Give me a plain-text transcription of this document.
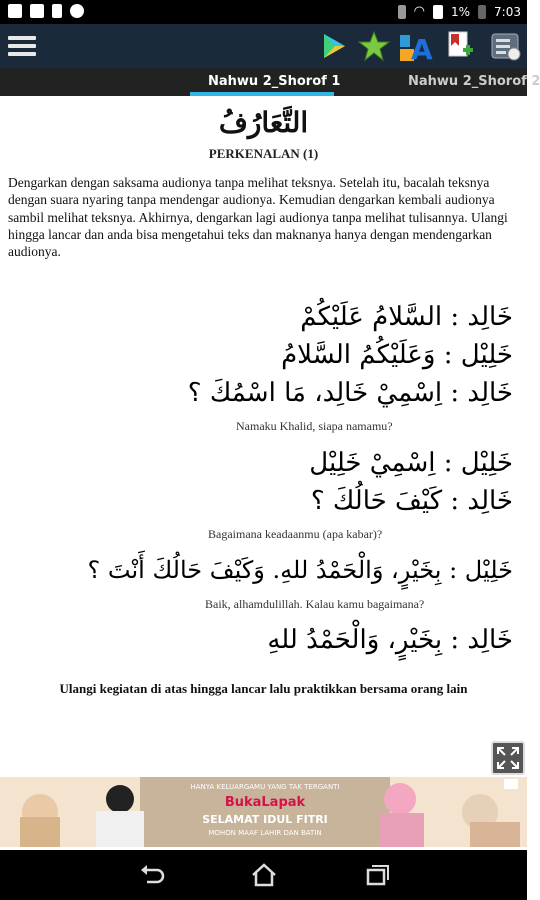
◠ 1% 7:03
A
Nahwu 2_Shorof 1	Nahwu 2_Shorof 2
التَّعَارُفُ
PERKENALAN (1)
Dengarkan dengan saksama audionya tanpa melihat teksnya. Setelah itu, bacalah teksnya dengan suara nyaring tanpa mendengar audionya. Kemudian dengarkan kembali audionya sambil melihat teksnya. Akhirnya, dengarkan lagi audionya tanpa melihat tulisannya. Ulangi hingga lancar dan anda bisa mengetahui teks dan maknanya hanya dengan mendengarkan audionya.
خَالِد : السَّلامُ عَلَيْكُمْ
خَلِيْل : وَعَلَيْكُمُ السَّلامُ
خَالِد : اِسْمِيْ خَالِد، مَا اسْمُكَ ؟
Namaku Khalid, siapa namamu?
خَلِيْل : اِسْمِيْ خَلِيْل
خَالِد : كَيْفَ حَالُكَ ؟
Bagaimana keadaanmu (apa kabar)?
خَلِيْل : بِخَيْرٍ، وَالْحَمْدُ للهِ. وَكَيْفَ حَالُكَ أَنْتَ ؟
Baik, alhamdulillah. Kalau kamu bagaimana?
خَالِد : بِخَيْرٍ، وَالْحَمْدُ للهِ
Ulangi kegiatan di atas hingga lancar lalu praktikkan bersama orang lain
HANYA KELUARGAMU YANG TAK TERGANTI
BukaLapak
SELAMAT IDUL FITRI
MOHON MAAF LAHIR DAN BATIN
